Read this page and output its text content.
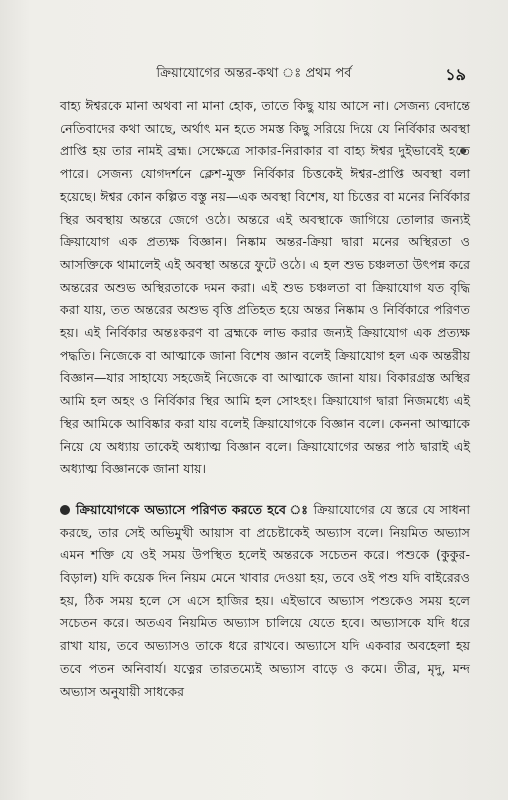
ক্রিয়াযোগের অন্তর-কথা ঃ প্রথম পর্ব	১৯

বাহ্য ঈশ্বরকে মানা অথবা না মানা হোক, তাতে কিছু যায় আসে না। সেজন্য বেদান্তে নেতিবাদের কথা আছে, অর্থাৎ মন হতে সমস্ত কিছু সরিয়ে দিয়ে যে নির্বিকার অবস্থা প্রাপ্তি হয় তার নামই ব্রহ্ম। সেক্ষেত্রে সাকার-নিরাকার বা বাহ্য ঈশ্বর দুইভাবেই হতে পারে। সেজন্য যোগদর্শনে ক্লেশ-মুক্ত নির্বিকার চিত্তকেই ঈশ্বর-প্রাপ্তি অবস্থা বলা হয়েছে। ঈশ্বর কোন কল্পিত বস্তু নয়—এক অবস্থা বিশেষ, যা চিত্তের বা মনের নির্বিকার স্থির অবস্থায় অন্তরে জেগে ওঠে। অন্তরে এই অবস্থাকে জাগিয়ে তোলার জন্যই ক্রিয়াযোগ এক প্রত্যক্ষ বিজ্ঞান। নিষ্কাম অন্তর-ক্রিয়া দ্বারা মনের অস্থিরতা ও আসক্তিকে থামালেই এই অবস্থা অন্তরে ফুটে ওঠে। এ হল শুভ চঞ্চলতা উৎপন্ন করে অন্তরের অশুভ অস্থিরতাকে দমন করা। এই শুভ চঞ্চলতা বা ক্রিয়াযোগ যত বৃদ্ধি করা যায়, তত অন্তরের অশুভ বৃত্তি প্রতিহত হয়ে অন্তর নিষ্কাম ও নির্বিকারে পরিণত হয়। এই নির্বিকার অন্তঃকরণ বা ব্রহ্মকে লাভ করার জন্যই ক্রিয়াযোগ এক প্রত্যক্ষ পদ্ধতি। নিজেকে বা আত্মাকে জানা বিশেষ জ্ঞান বলেই ক্রিয়াযোগ হল এক অন্তরীয় বিজ্ঞান—যার সাহায্যে সহজেই নিজেকে বা আত্মাকে জানা যায়। বিকারগ্রস্ত অস্থির আমি হল অহং ও নির্বিকার স্থির আমি হল সোঽহং। ক্রিয়াযোগ দ্বারা নিজমধ্যে এই স্থির আমিকে আবিষ্কার করা যায় বলেই ক্রিয়াযোগকে বিজ্ঞান বলে। কেননা আত্মাকে নিয়ে যে অধ্যায় তাকেই অধ্যাত্ম বিজ্ঞান বলে। ক্রিয়াযোগের অন্তর পাঠ দ্বারাই এই অধ্যাত্ম বিজ্ঞানকে জানা যায়।

ক্রিয়াযোগকে অভ্যাসে পরিণত করতে হবে ঃ ক্রিয়াযোগের যে স্তরে যে সাধনা করছে, তার সেই অভিমুখী আয়াস বা প্রচেষ্টাকেই অভ্যাস বলে। নিয়মিত অভ্যাস এমন শক্তি যে ওই সময় উপস্থিত হলেই অন্তরকে সচেতন করে। পশুকে (কুকুর-বিড়াল) যদি কয়েক দিন নিয়ম মেনে খাবার দেওয়া হয়, তবে ওই পশু যদি বাইরেরও হয়, ঠিক সময় হলে সে এসে হাজির হয়। এইভাবে অভ্যাস পশুকেও সময় হলে সচেতন করে। অতএব নিয়মিত অভ্যাস চালিয়ে যেতে হবে। অভ্যাসকে যদি ধরে রাখা যায়, তবে অভ্যাসও তাকে ধরে রাখবে। অভ্যাসে যদি একবার অবহেলা হয় তবে পতন অনিবার্য। যত্নের তারতম্যেই অভ্যাস বাড়ে ও কমে। তীব্র, মৃদু, মন্দ অভ্যাস অনুযায়ী সাধকের
